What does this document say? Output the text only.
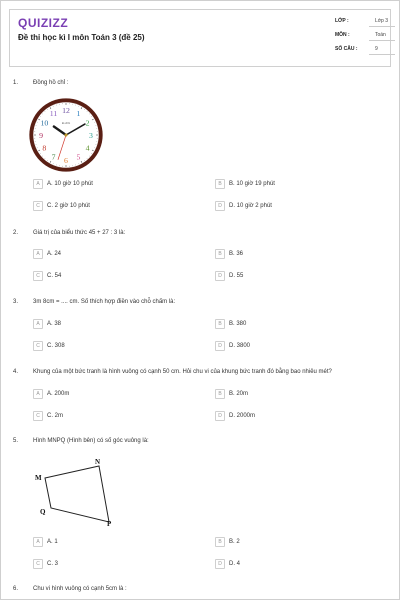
QUIZIZZ
Đề thi học kì I môn Toán 3 (đề 25)
LỚP :	Lớp 3
MÔN :	Toán
SỐ CÂU :	9
1. Đồng hồ chỉ :
12 1
2
3
4
5
6
7
8
9
10
11
ELLING
A	A. 10 giờ 10 phút	B	B. 10 giờ 19 phút
C	C. 2 giờ 10 phút	D	D. 10 giờ 2 phút
2. Giá trị của biểu thức 45 + 27 : 3 là:
A	A. 24	B	B. 36
C	C. 54	D	D. 55
3. 3m 8cm = .... cm. Số thích hợp điền vào chỗ chấm là:
A	A. 38	B	B. 380
C	C. 308	D	D. 3800
4. Khung của một bức tranh là hình vuông có cạnh 50 cm. Hỏi chu vi của khung bức tranh đó bằng bao nhiêu mét?
A	A. 200m	B	B. 20m
C	C. 2m	D	D. 2000m
5. Hình MNPQ (Hình bên) có số góc vuông là:
M
N
P
Q
A	A. 1	B	B. 2
C	C. 3	D	D. 4
6. Chu vi hình vuông có cạnh 5cm là :
